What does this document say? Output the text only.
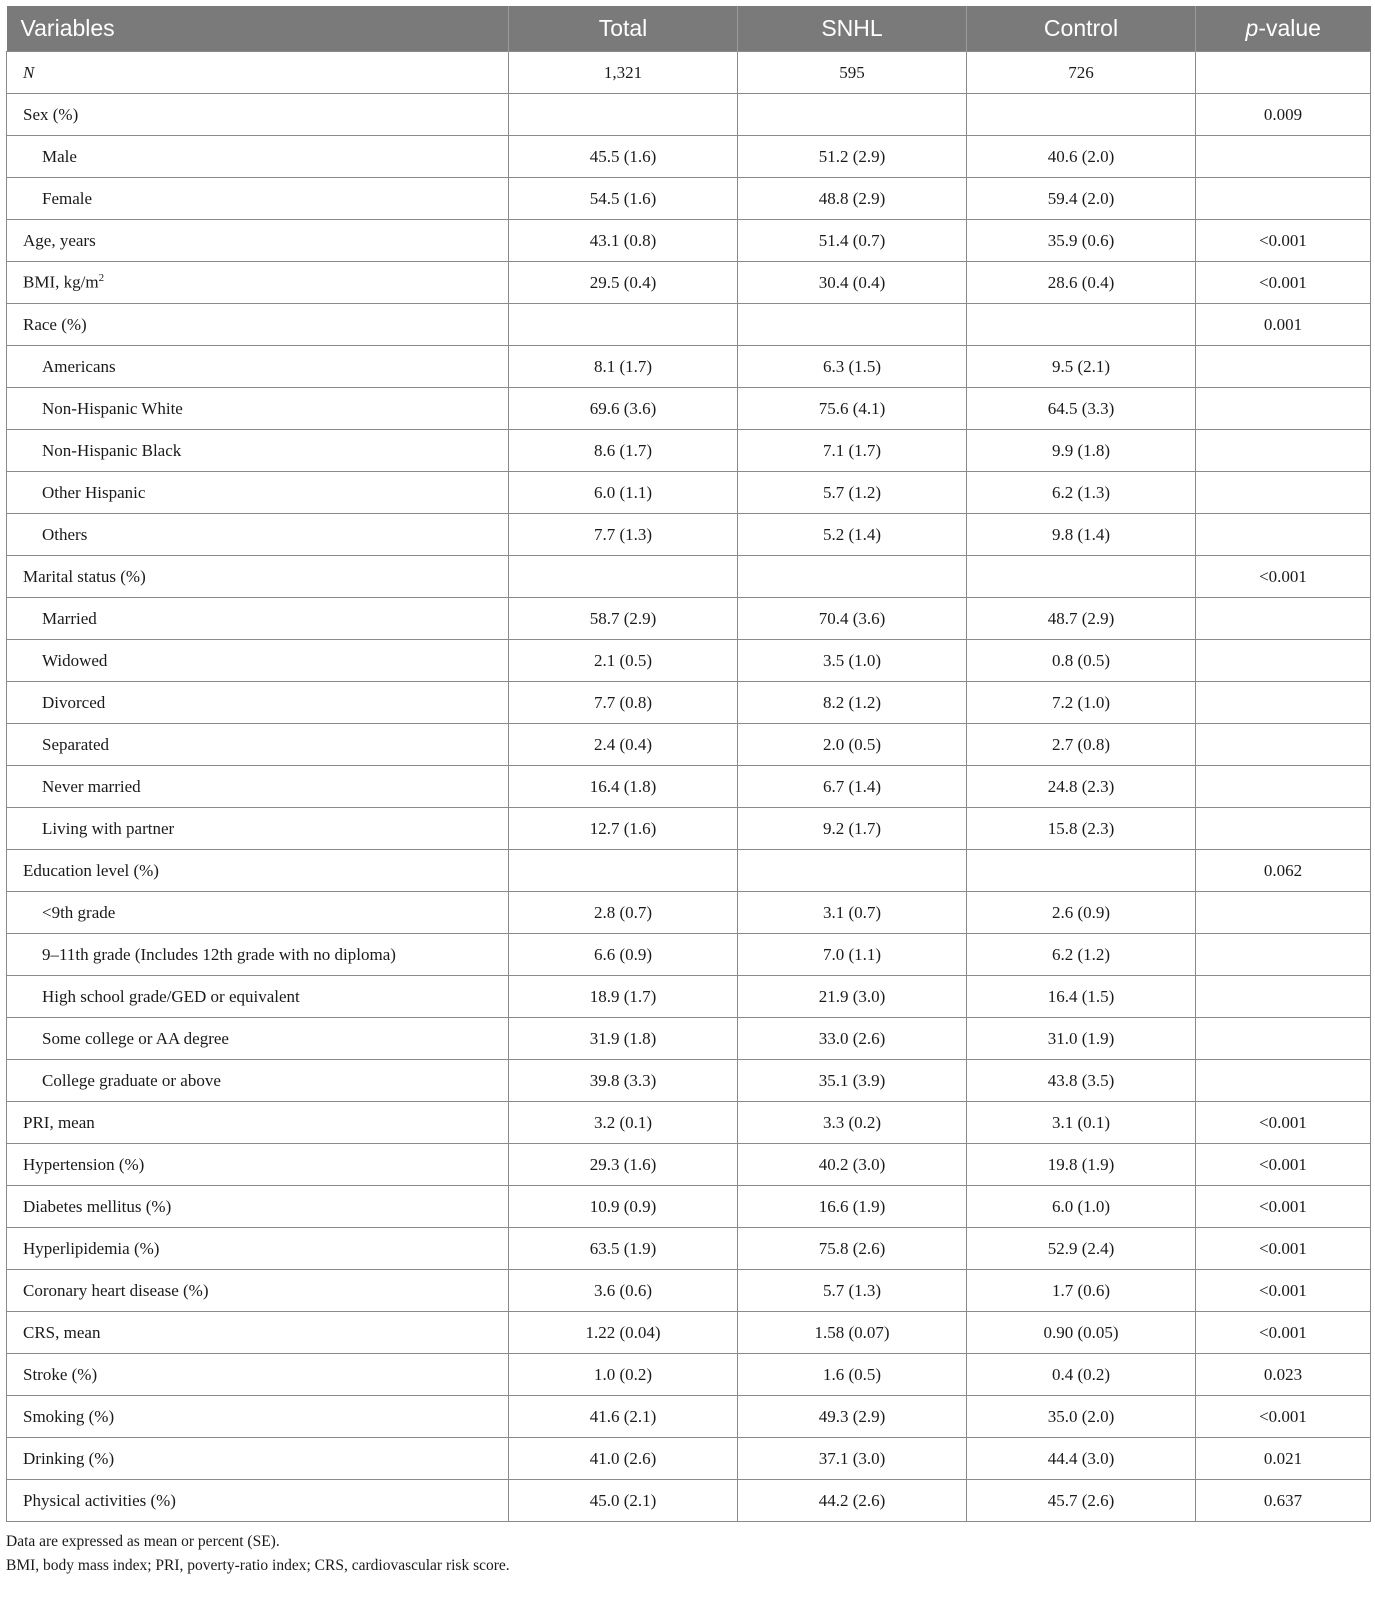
Variables	Total	SNHL	Control	p-value
N	1,321	595	726	
Sex (%)				0.009
Male	45.5 (1.6)	51.2 (2.9)	40.6 (2.0)	
Female	54.5 (1.6)	48.8 (2.9)	59.4 (2.0)	
Age, years	43.1 (0.8)	51.4 (0.7)	35.9 (0.6)	<0.001
BMI, $kg/m^2$	29.5 (0.4)	30.4 (0.4)	28.6 (0.4)	<0.001
Race (%)				0.001
Americans	8.1 (1.7)	6.3 (1.5)	9.5 (2.1)	
Non-Hispanic White	69.6 (3.6)	75.6 (4.1)	64.5 (3.3)	
Non-Hispanic Black	8.6 (1.7)	7.1 (1.7)	9.9 (1.8)	
Other Hispanic	6.0 (1.1)	5.7 (1.2)	6.2 (1.3)	
Others	7.7 (1.3)	5.2 (1.4)	9.8 (1.4)	
Marital status (%)				<0.001
Married	58.7 (2.9)	70.4 (3.6)	48.7 (2.9)	
Widowed	2.1 (0.5)	3.5 (1.0)	0.8 (0.5)	
Divorced	7.7 (0.8)	8.2 (1.2)	7.2 (1.0)	
Separated	2.4 (0.4)	2.0 (0.5)	2.7 (0.8)	
Never married	16.4 (1.8)	6.7 (1.4)	24.8 (2.3)	
Living with partner	12.7 (1.6)	9.2 (1.7)	15.8 (2.3)	
Education level (%)				0.062
<9th grade	2.8 (0.7)	3.1 (0.7)	2.6 (0.9)	
9–11th grade (Includes 12th grade with no diploma)	6.6 (0.9)	7.0 (1.1)	6.2 (1.2)	
High school grade/GED or equivalent	18.9 (1.7)	21.9 (3.0)	16.4 (1.5)	
Some college or AA degree	31.9 (1.8)	33.0 (2.6)	31.0 (1.9)	
College graduate or above	39.8 (3.3)	35.1 (3.9)	43.8 (3.5)	
PRI, mean	3.2 (0.1)	3.3 (0.2)	3.1 (0.1)	<0.001
Hypertension (%)	29.3 (1.6)	40.2 (3.0)	19.8 (1.9)	<0.001
Diabetes mellitus (%)	10.9 (0.9)	16.6 (1.9)	6.0 (1.0)	<0.001
Hyperlipidemia (%)	63.5 (1.9)	75.8 (2.6)	52.9 (2.4)	<0.001
Coronary heart disease (%)	3.6 (0.6)	5.7 (1.3)	1.7 (0.6)	<0.001
CRS, mean	1.22 (0.04)	1.58 (0.07)	0.90 (0.05)	<0.001
Stroke (%)	1.0 (0.2)	1.6 (0.5)	0.4 (0.2)	0.023
Smoking (%)	41.6 (2.1)	49.3 (2.9)	35.0 (2.0)	<0.001
Drinking (%)	41.0 (2.6)	37.1 (3.0)	44.4 (3.0)	0.021
Physical activities (%)	45.0 (2.1)	44.2 (2.6)	45.7 (2.6)	0.637
Data are expressed as mean or percent (SE).
BMI, body mass index; PRI, poverty-ratio index; CRS, cardiovascular risk score.
